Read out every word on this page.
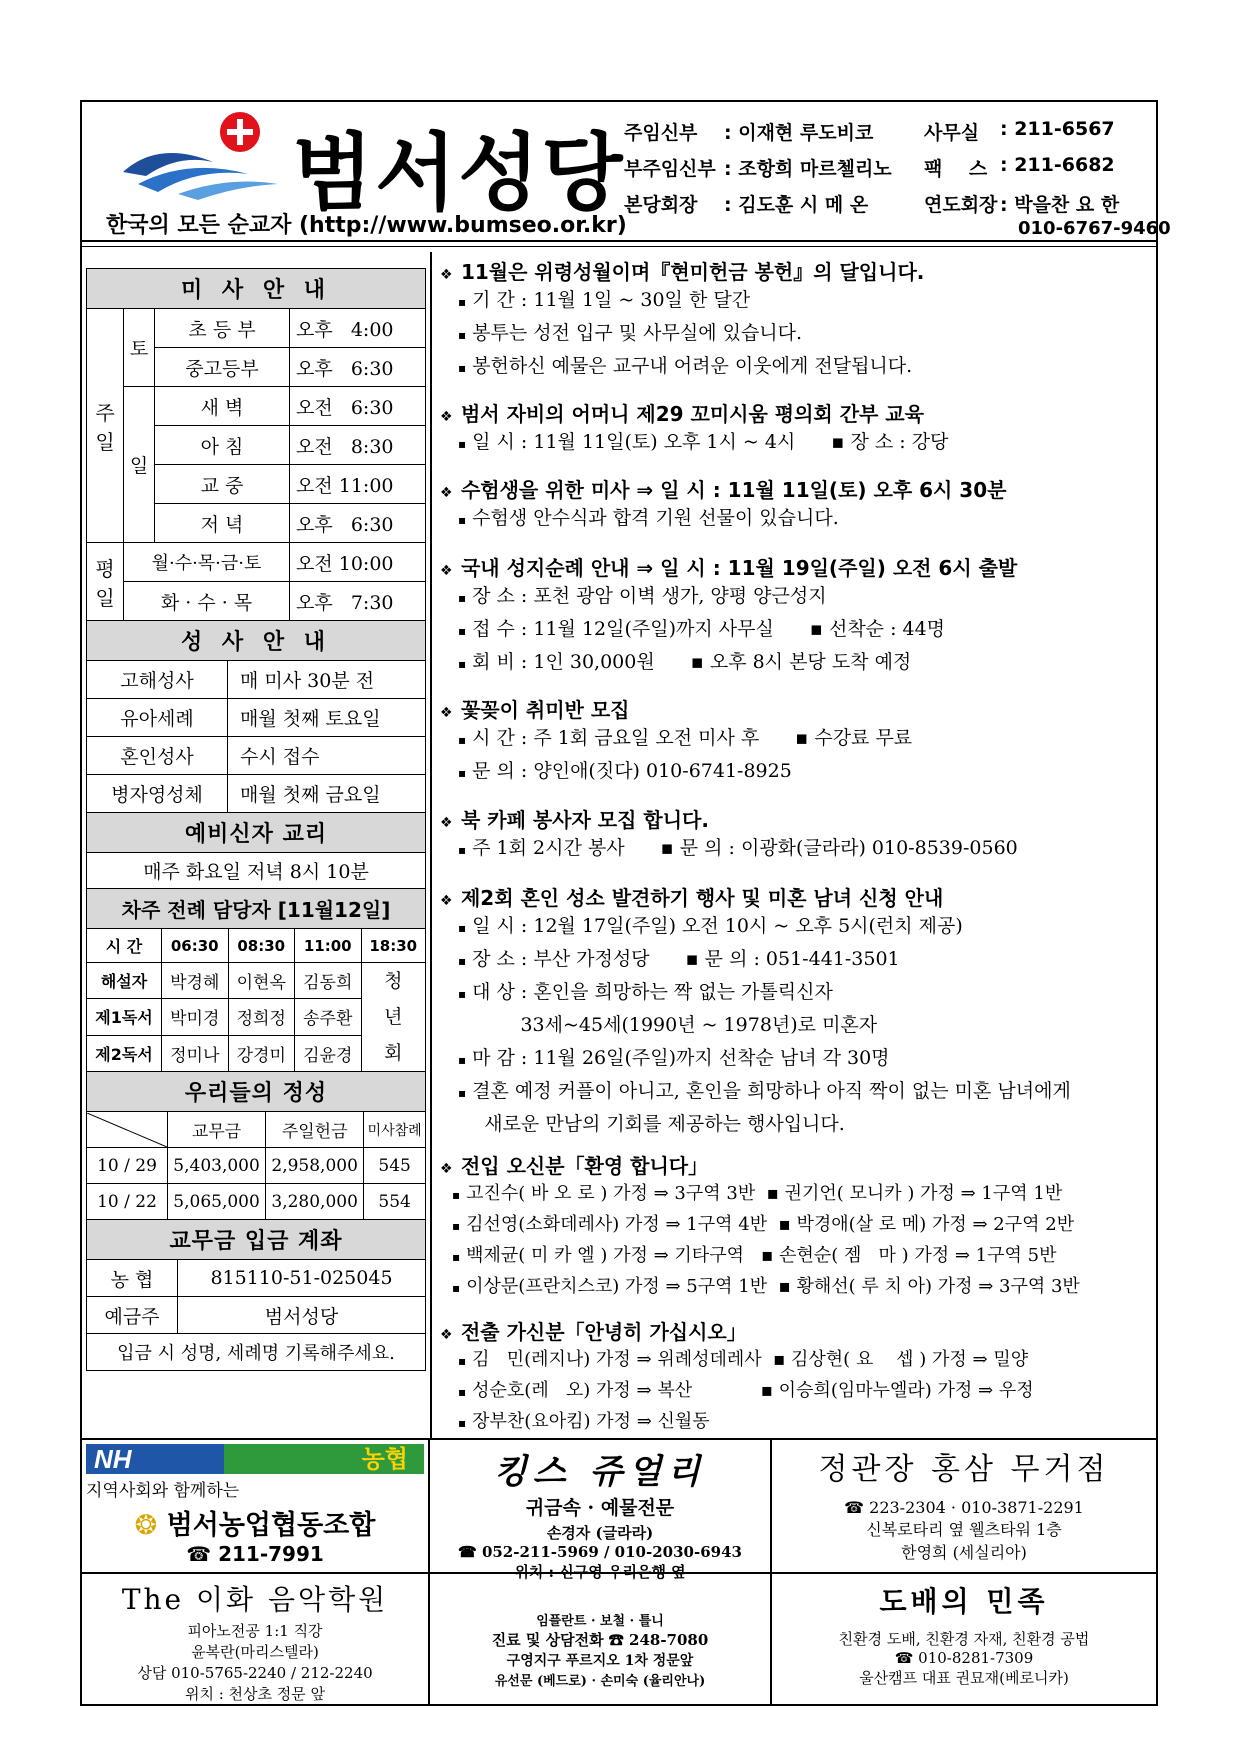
범서성당
한국의 모든 순교자 (http://www.bumseo.or.kr)
주임신부 : 이재현 루도비코
부주임신부 : 조항희 마르첼리노
본당회장 : 김도훈 시 메 온
사무실 : 211-6567
팩    스 : 211-6682
연도회장 : 박을찬 요 한
010-6767-9460
미 사 안 내			
주
일	토	초 등 부	오후   4:00
		중고등부	오후   6:30
	일	새 벽	오전   6:30
		아 침	오전   8:30
		교 중	오전 11:00
		저 녁	오후   6:30
평
일	월·수·목·금·토		오전 10:00
	화 · 수 · 목		오후   7:30
성 사 안 내	
고해성사	매 미사 30분 전
유아세례	매월 첫째 토요일
혼인성사	수시 접수
병자영성체	매월 첫째 금요일
예비신자 교리	
매주 화요일 저녁 8시 10분	
차주 전례 담당자 [11월12일]				
시 간	06:30	08:30	11:00	18:30
해설자	박경혜	이현옥	김동희	청
년
회

제1독서	박미경	정희정	송주환	
제2독서	정미나	강경미	김윤경	
우리들의 정성			

	교무금	주일헌금	미사참례
10 / 29	5,403,000	2,958,000	545
10 / 22	5,065,000	3,280,000	554
교무금 입금 계좌	
농 협	815110-51-025045
예금주	범서성당
입금 시 성명, 세례명 기록해주세요.	
❖ 11월은 위령성월이며『현미헌금 봉헌』의 달입니다.
▪ 기 간 : 11월 1일 ~ 30일 한 달간
▪ 봉투는 성전 입구 및 사무실에 있습니다.
▪ 봉헌하신 예물은 교구내 어려운 이웃에게 전달됩니다.
❖ 범서 자비의 어머니 제29 꼬미시움 평의회 간부 교육
▪ 일 시 : 11월 11일(토) 오후 1시 ~ 4시      ▪ 장 소 : 강당
❖ 수험생을 위한 미사 ⇒ 일 시 : 11월 11일(토) 오후 6시 30분
▪ 수험생 안수식과 합격 기원 선물이 있습니다.
❖ 국내 성지순례 안내 ⇒ 일 시 : 11월 19일(주일) 오전 6시 출발
▪ 장 소 : 포천 광암 이벽 생가, 양평 양근성지
▪ 접 수 : 11월 12일(주일)까지 사무실      ▪ 선착순 : 44명
▪ 회 비 : 1인 30,000원      ▪ 오후 8시 본당 도착 예정
❖ 꽃꽂이 취미반 모집
▪ 시 간 : 주 1회 금요일 오전 미사 후      ▪ 수강료 무료
▪ 문 의 : 양인애(짓다) 010-6741-8925
❖ 북 카페 봉사자 모집 합니다.
▪ 주 1회 2시간 봉사      ▪ 문 의 : 이광화(글라라) 010-8539-0560
❖ 제2회 혼인 성소 발견하기 행사 및 미혼 남녀 신청 안내
▪ 일 시 : 12월 17일(주일) 오전 10시 ~ 오후 5시(런치 제공)
▪ 장 소 : 부산 가정성당      ▪ 문 의 : 051-441-3501
▪ 대 상 : 혼인을 희망하는 짝 없는 가톨릭신자
33세~45세(1990년 ~ 1978년)로 미혼자
▪ 마 감 : 11월 26일(주일)까지 선착순 남녀 각 30명
▪ 결혼 예정 커플이 아니고, 혼인을 희망하나 아직 짝이 없는 미혼 남녀에게
새로운 만남의 기회를 제공하는 행사입니다.
❖ 전입 오신분「환영 합니다」
▪ 고진수( 바 오 로 ) 가정 ⇒ 3구역 3반  ▪ 권기언( 모니카 ) 가정 ⇒ 1구역 1반
▪ 김선영(소화데레사) 가정 ⇒ 1구역 4반  ▪ 박경애(살 로 메) 가정 ⇒ 2구역 2반
▪ 백제균( 미 카 엘 ) 가정 ⇒ 기타구역   ▪ 손현순( 젬   마 ) 가정 ⇒ 1구역 5반
▪ 이상문(프란치스코) 가정 ⇒ 5구역 1반  ▪ 황해선( 루 치 아) 가정 ⇒ 3구역 3반
❖ 전출 가신분「안녕히 가십시오」
▪ 김   민(레지나) 가정 ⇒ 위례성데레사  ▪ 김상현( 요    셉 ) 가정 ⇒ 밀양
▪ 성순호(레   오) 가정 ⇒ 복산            ▪ 이승희(임마누엘라) 가정 ⇒ 우정
▪ 장부찬(요아킴) 가정 ⇒ 신월동
NH	농협
지역사회와 함께하는
❂ 범서농업협동조합
☎ 211-7991
킹스 쥬얼리
귀금속 · 예물전문
손경자 (글라라)
☎ 052-211-5969 / 010-2030-6943
위치 : 신구영 우리은행 옆
정관장 홍삼 무거점
☎ 223-2304 · 010-3871-2291
신복로타리 옆 웰츠타워 1층
한영희 (세실리아)
The 이화 음악학원
피아노전공 1:1 직강
윤복란(마리스텔라)
상담 010-5765-2240 / 212-2240
위치 : 천상초 정문 앞
임플란트 · 보철 · 틀니
진료 및 상담전화 ☎ 248-7080
구영지구 푸르지오 1차 정문앞
유선문 (베드로) · 손미숙 (율리안나)
도배의 민족
친환경 도배, 친환경 자재, 친환경 공법
☎ 010-8281-7309
울산캠프 대표 권묘재(베로니카)
